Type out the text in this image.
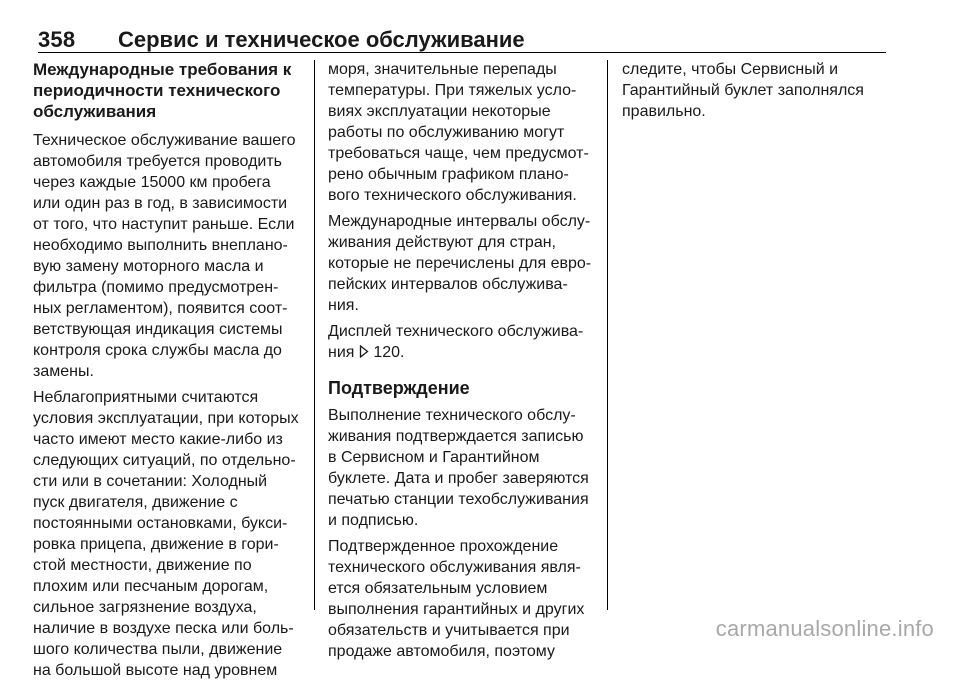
358 Сервис и техническое обслуживание
Международные требования к
периодичности технического
обслуживания
Техническое обслуживание вашего
автомобиля требуется проводить
через каждые 15000 км пробега
или один раз в год, в зависимости
от того, что наступит раньше. Если
необходимо выполнить внеплано-
вую замену моторного масла и
фильтра (помимо предусмотрен-
ных регламентом), появится соот-
ветствующая индикация системы
контроля срока службы масла до
замены.
Неблагоприятными считаются
условия эксплуатации, при которых
часто имеют место какие-либо из
следующих ситуаций, по отдельно-
сти или в сочетании: Холодный
пуск двигателя, движение с
постоянными остановками, букси-
ровка прицепа, движение в гори-
стой местности, движение по
плохим или песчаным дорогам,
сильное загрязнение воздуха,
наличие в воздухе песка или боль-
шого количества пыли, движение
на большой высоте над уровнем
моря, значительные перепады
температуры. При тяжелых усло-
виях эксплуатации некоторые
работы по обслуживанию могут
требоваться чаще, чем предусмот-
рено обычным графиком плано-
вого технического обслуживания.
Международные интервалы обслу-
живания действуют для стран,
которые не перечислены для евро-
пейских интервалов обслужива-
ния.
Дисплей технического обслужива-
ния 120.
Подтверждение
Выполнение технического обслу-
живания подтверждается записью
в Сервисном и Гарантийном
буклете. Дата и пробег заверяются
печатью станции техобслуживания
и подписью.
Подтвержденное прохождение
технического обслуживания явля-
ется обязательным условием
выполнения гарантийных и других
обязательств и учитывается при
продаже автомобиля, поэтому
следите, чтобы Сервисный и
Гарантийный буклет заполнялся
правильно.
carmanualsonline.info
